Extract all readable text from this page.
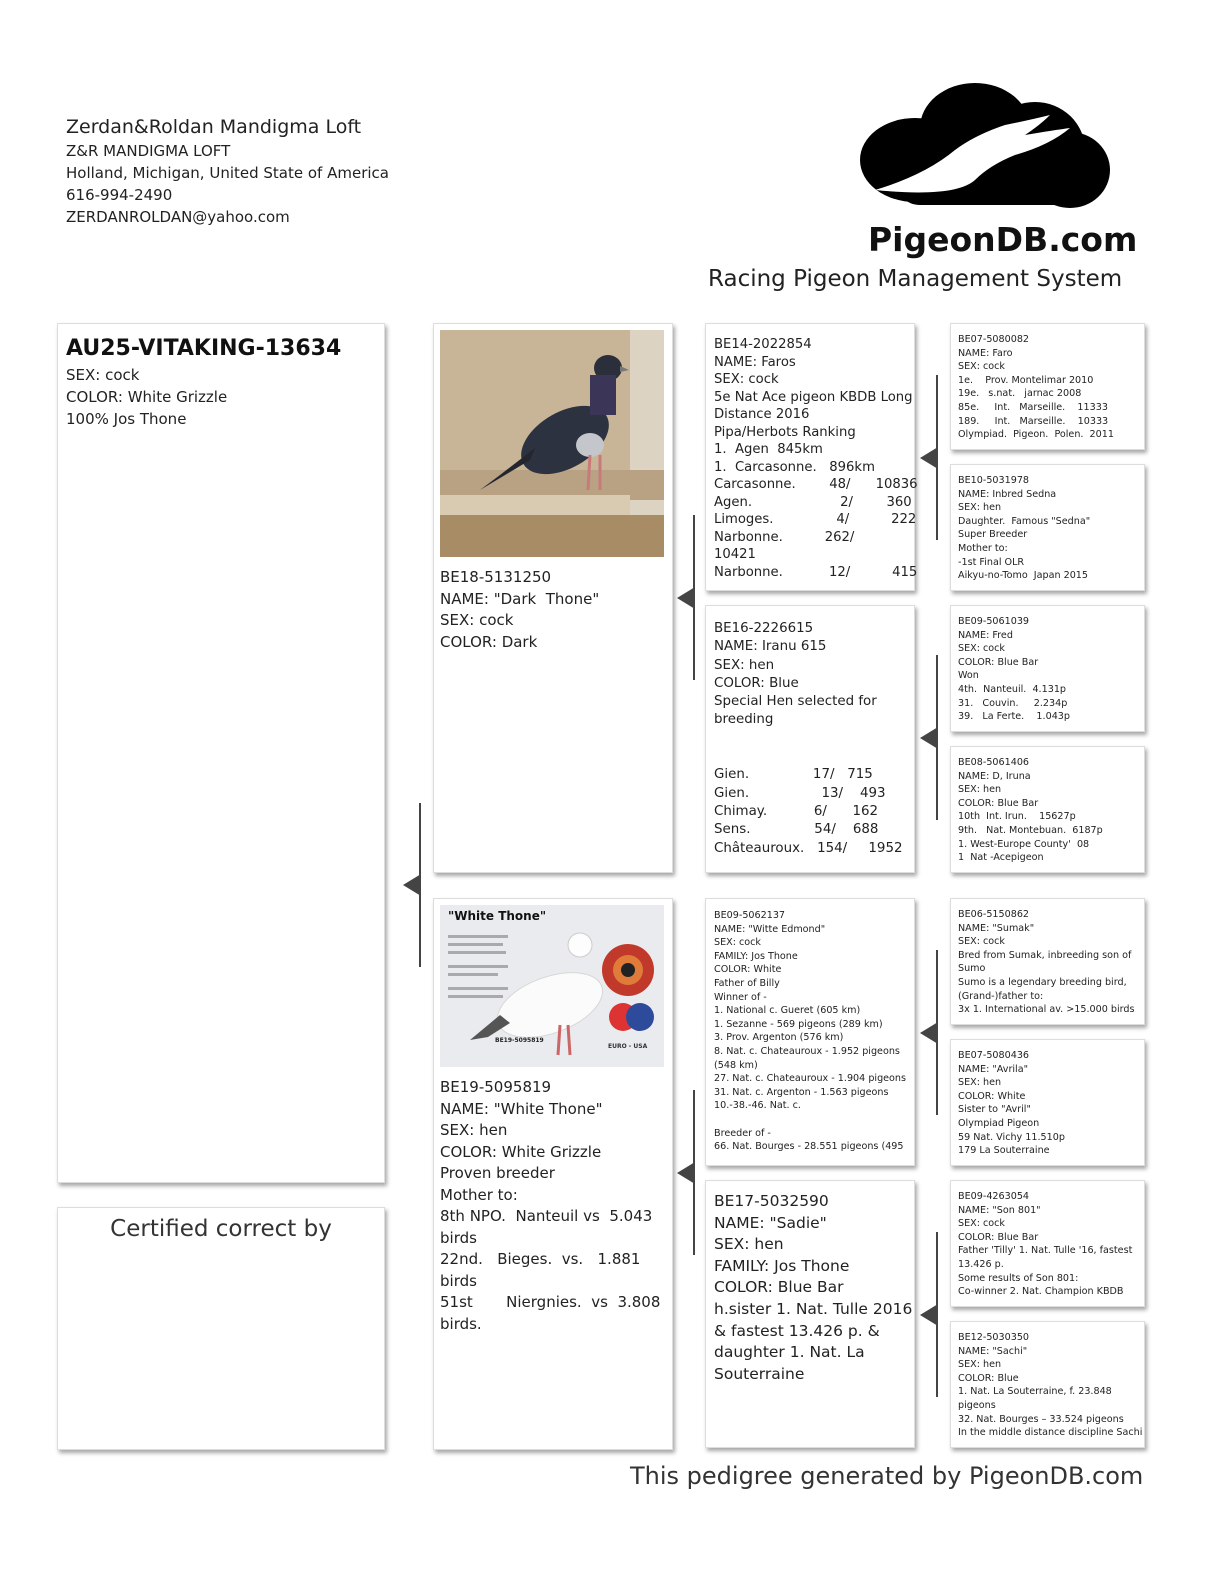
Zerdan&Roldan Mandigma Loft
Z&R MANDIGMA LOFT
Holland, Michigan, United State of America
616-994-2490
ZERDANROLDAN@yahoo.com
PigeonDB.com
Racing Pigeon Management System
AU25-VITAKING-13634
SEX: cock
COLOR: White Grizzle
100% Jos Thone
Certified correct by
BE18-5131250
NAME: "Dark  Thone"
SEX: cock
COLOR: Dark
"White Thone"
BE19-5095819
EURO - USA
BE19-5095819
NAME: "White Thone"
SEX: hen
COLOR: White Grizzle
Proven breeder
Mother to:
8th NPO.  Nanteuil vs  5.043
birds
22nd.   Bieges.  vs.   1.881
birds
51st       Niergnies.  vs  3.808
birds.
BE14-2022854
NAME: Faros
SEX: cock
5e Nat Ace pigeon KBDB Long
Distance 2016
Pipa/Herbots Ranking
1.  Agen  845km
1.  Carcasonne.   896km
Carcasonne.        48/      10836
Agen.                     2/        360
Limoges.               4/          222
Narbonne.          262/
10421
Narbonne.           12/          415
BE16-2226615
NAME: Iranu 615
SEX: hen
COLOR: Blue
Special Hen selected for
breeding
Gien.               17/   715
Gien.                 13/    493
Chimay.           6/      162
Sens.               54/    688
Châteauroux.   154/     1952
BE09-5062137
NAME: "Witte Edmond"
SEX: cock
FAMILY: Jos Thone
COLOR: White
Father of Billy
Winner of -
1. National c. Gueret (605 km)
1. Sezanne - 569 pigeons (289 km)
3. Prov. Argenton (576 km)
8. Nat. c. Chateauroux - 1.952 pigeons
(548 km)
27. Nat. c. Chateauroux - 1.904 pigeons
31. Nat. c. Argenton - 1.563 pigeons
10.-38.-46. Nat. c.
Breeder of -
66. Nat. Bourges - 28.551 pigeons (495
BE17-5032590
NAME: "Sadie"
SEX: hen
FAMILY: Jos Thone
COLOR: Blue Bar
h.sister 1. Nat. Tulle 2016
& fastest 13.426 p. &
daughter 1. Nat. La
Souterraine
BE07-5080082
NAME: Faro
SEX: cock
1e.    Prov. Montelimar 2010
19e.   s.nat.   jarnac 2008
85e.     Int.   Marseille.    11333
189.     Int.   Marseille.    10333
Olympiad.  Pigeon.  Polen.  2011
BE10-5031978
NAME: Inbred Sedna
SEX: hen
Daughter.  Famous "Sedna"
Super Breeder
Mother to:
-1st Final OLR
Aikyu-no-Tomo  Japan 2015
BE09-5061039
NAME: Fred
SEX: cock
COLOR: Blue Bar
Won
4th.  Nanteuil.  4.131p
31.   Couvin.     2.234p
39.   La Ferte.    1.043p
BE08-5061406
NAME: D, Iruna
SEX: hen
COLOR: Blue Bar
10th  Int. Irun.    15627p
9th.   Nat. Montebuan.  6187p
1. West-Europe County'  08
1  Nat -Acepigeon
BE06-5150862
NAME: "Sumak"
SEX: cock
Bred from Sumak, inbreeding son of
Sumo
Sumo is a legendary breeding bird,
(Grand-)father to:
3x 1. International av. >15.000 birds
BE07-5080436
NAME: "Avrila"
SEX: hen
COLOR: White
Sister to "Avril"
Olympiad Pigeon
59 Nat. Vichy 11.510p
179 La Souterraine
BE09-4263054
NAME: "Son 801"
SEX: cock
COLOR: Blue Bar
Father 'Tilly' 1. Nat. Tulle '16, fastest
13.426 p.
Some results of Son 801:
Co-winner 2. Nat. Champion KBDB
BE12-5030350
NAME: "Sachi"
SEX: hen
COLOR: Blue
1. Nat. La Souterraine, f. 23.848
pigeons
32. Nat. Bourges – 33.524 pigeons
In the middle distance discipline Sachi
This pedigree generated by PigeonDB.com
